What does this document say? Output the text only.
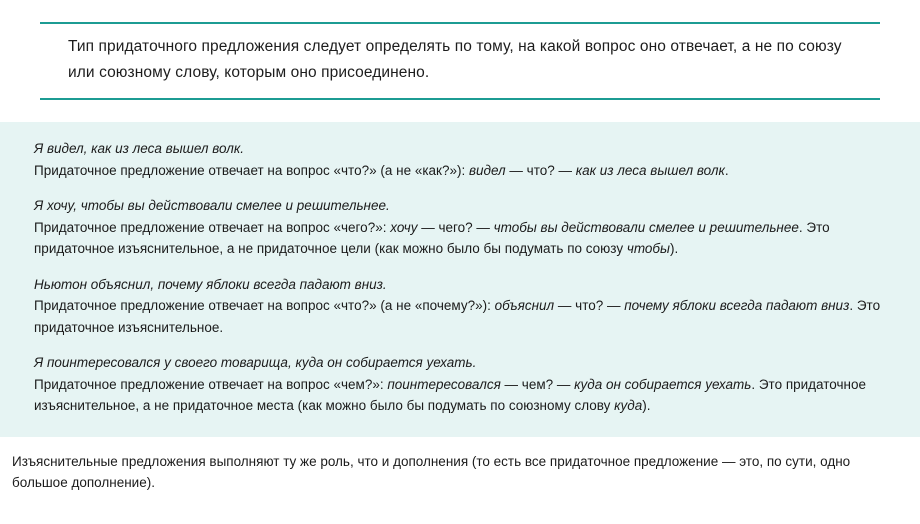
Тип придаточного предложения следует определять по тому, на какой вопрос оно отвечает, а не по союзу или союзному слову, которым оно присоединено.
Я видел, как из леса вышел волк.
Придаточное предложение отвечает на вопрос «что?» (а не «как?»): видел — что? — как из леса вышел волк.
Я хочу, чтобы вы действовали смелее и решительнее.
Придаточное предложение отвечает на вопрос «чего?»: хочу — чего? — чтобы вы действовали смелее и решительнее. Это придаточное изъяснительное, а не придаточное цели (как можно было бы подумать по союзу чтобы).
Ньютон объяснил, почему яблоки всегда падают вниз.
Придаточное предложение отвечает на вопрос «что?» (а не «почему?»): объяснил — что? — почему яблоки всегда падают вниз. Это придаточное изъяснительное.
Я поинтересовался у своего товарища, куда он собирается уехать.
Придаточное предложение отвечает на вопрос «чем?»: поинтересовался — чем? — куда он собирается уехать. Это придаточное изъяснительное, а не придаточное места (как можно было бы подумать по союзному слову куда).
Изъяснительные предложения выполняют ту же роль, что и дополнения (то есть все придаточное предложение — это, по сути, одно большое дополнение).
